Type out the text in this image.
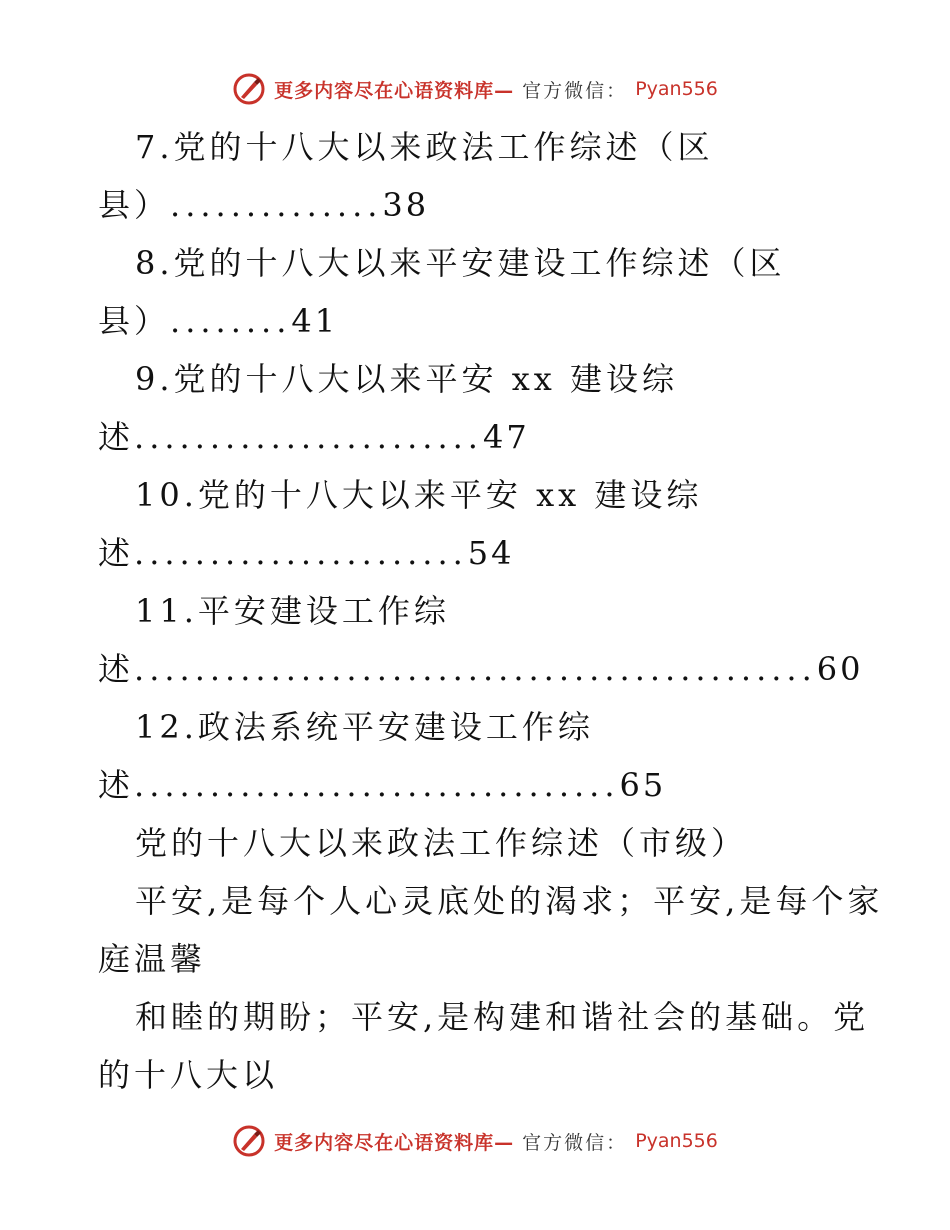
更多内容尽在心语资料库— 官方微信： Pyan556
7.党的十八大以来政法工作综述（区
县）..............38
8.党的十八大以来平安建设工作综述（区
县）........41
9.党的十八大以来平安 xx 建设综
述.......................47
10.党的十八大以来平安 xx 建设综
述......................54
11.平安建设工作综
述.............................................60
12.政法系统平安建设工作综
述................................65
党的十八大以来政法工作综述（市级）
平安,是每个人心灵底处的渴求；平安,是每个家
庭温馨
和睦的期盼；平安,是构建和谐社会的基础。党
的十八大以
更多内容尽在心语资料库— 官方微信： Pyan556
